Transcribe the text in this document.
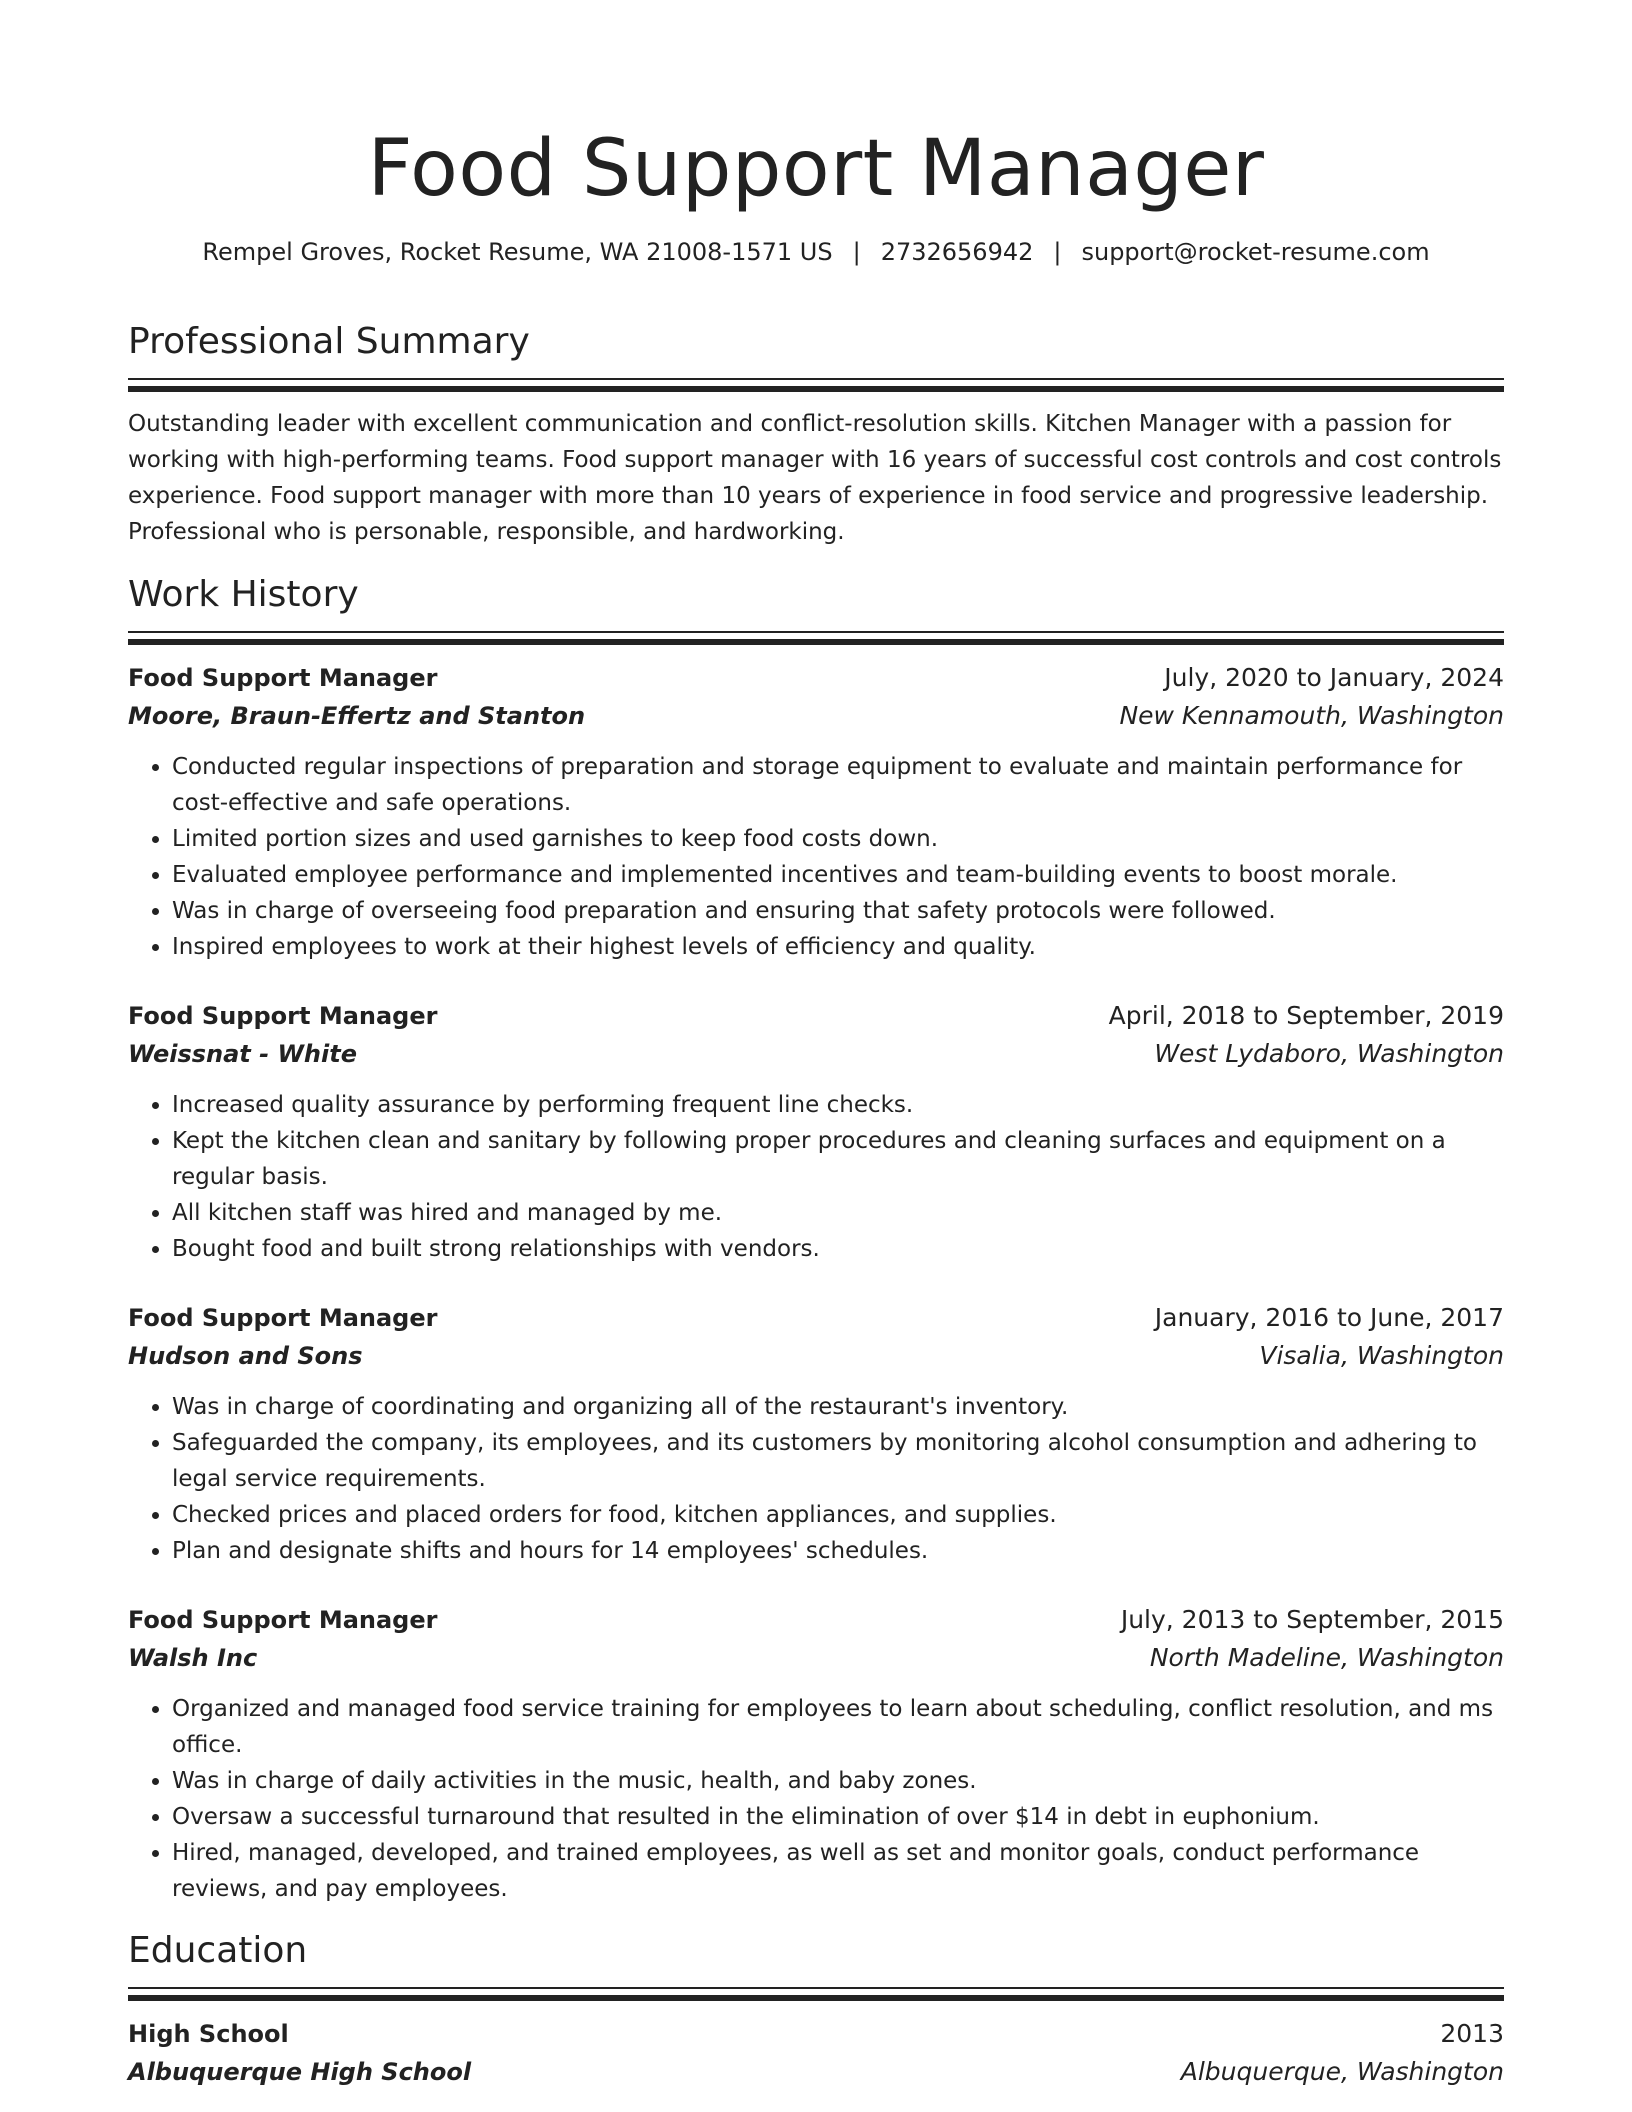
Food Support Manager
Rempel Groves, Rocket Resume, WA 21008-1571 US | 2732656942 | support@rocket-resume.com
Professional Summary

Outstanding leader with excellent communication and conflict-resolution skills. Kitchen Manager with a passion for working with high-performing teams. Food support manager with 16 years of successful cost controls and cost controls experience. Food support manager with more than 10 years of experience in food service and progressive leadership. Professional who is personable, responsible, and hardworking.

Work History
Food Support Manager	July, 2020 to January, 2024
Moore, Braun-Effertz and Stanton	New Kennamouth, Washington
• Conducted regular inspections of preparation and storage equipment to evaluate and maintain performance for cost-effective and safe operations.
• Limited portion sizes and used garnishes to keep food costs down.
• Evaluated employee performance and implemented incentives and team-building events to boost morale.
• Was in charge of overseeing food preparation and ensuring that safety protocols were followed.
• Inspired employees to work at their highest levels of efficiency and quality.
Food Support Manager	April, 2018 to September, 2019
Weissnat - White	West Lydaboro, Washington
• Increased quality assurance by performing frequent line checks.
• Kept the kitchen clean and sanitary by following proper procedures and cleaning surfaces and equipment on a regular basis.
• All kitchen staff was hired and managed by me.
• Bought food and built strong relationships with vendors.
Food Support Manager	January, 2016 to June, 2017
Hudson and Sons	Visalia, Washington
• Was in charge of coordinating and organizing all of the restaurant's inventory.
• Safeguarded the company, its employees, and its customers by monitoring alcohol consumption and adhering to legal service requirements.
• Checked prices and placed orders for food, kitchen appliances, and supplies.
• Plan and designate shifts and hours for 14 employees' schedules.
Food Support Manager	July, 2013 to September, 2015
Walsh Inc	North Madeline, Washington
• Organized and managed food service training for employees to learn about scheduling, conflict resolution, and ms office.
• Was in charge of daily activities in the music, health, and baby zones.
• Oversaw a successful turnaround that resulted in the elimination of over $14 in debt in euphonium.
• Hired, managed, developed, and trained employees, as well as set and monitor goals, conduct performance reviews, and pay employees.
Education
High School	2013
Albuquerque High School	Albuquerque, Washington
